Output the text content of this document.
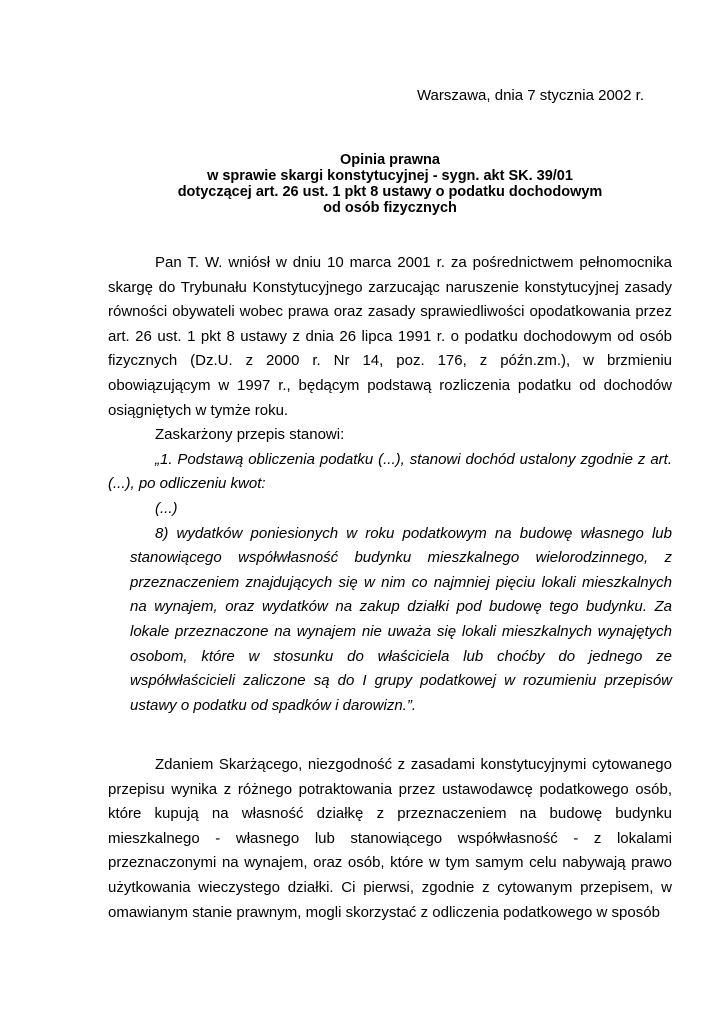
Warszawa, dnia 7 stycznia 2002 r.
Opinia prawna
w sprawie skargi konstytucyjnej - sygn. akt SK. 39/01
dotyczącej art. 26 ust. 1 pkt 8 ustawy o podatku dochodowym
od osób fizycznych

Pan T. W. wniósł w dniu 10 marca 2001 r. za pośrednictwem pełnomocnika skargę do Trybunału Konstytucyjnego zarzucając naruszenie konstytucyjnej zasady równości obywateli wobec prawa oraz zasady sprawiedliwości opodatkowania przez art. 26 ust. 1 pkt 8 ustawy z dnia 26 lipca 1991 r. o podatku dochodowym od osób fizycznych (Dz.U. z 2000 r. Nr 14, poz. 176, z późn.zm.), w brzmieniu obowiązującym w 1997 r., będącym podstawą rozliczenia podatku od dochodów osiągniętych w tymże roku.

Zaskarżony przepis stanowi:

„1. Podstawą obliczenia podatku (...), stanowi dochód ustalony zgodnie z art.(...), po odliczeniu kwot:

(...)

8) wydatków poniesionych w roku podatkowym na budowę własnego lub stanowiącego współwłasność budynku mieszkalnego wielorodzinnego, z przeznaczeniem znajdujących się w nim co najmniej pięciu lokali mieszkalnych na wynajem, oraz wydatków na zakup działki pod budowę tego budynku. Za lokale przeznaczone na wynajem nie uważa się lokali mieszkalnych wynajętych osobom, które w stosunku do właściciela lub choćby do jednego ze współwłaścicieli zaliczone są do I grupy podatkowej w rozumieniu przepisów ustawy o podatku od spadków i darowizn.”.

Zdaniem Skarżącego, niezgodność z zasadami konstytucyjnymi cytowanego przepisu wynika z różnego potraktowania przez ustawodawcę podatkowego osób, które kupują na własność działkę z przeznaczeniem na budowę budynku mieszkalnego - własnego lub stanowiącego współwłasność - z lokalami przeznaczonymi na wynajem, oraz osób, które w tym samym celu nabywają prawo użytkowania wieczystego działki. Ci pierwsi, zgodnie z cytowanym przepisem, w omawianym stanie prawnym, mogli skorzystać z odliczenia podatkowego w sposób
